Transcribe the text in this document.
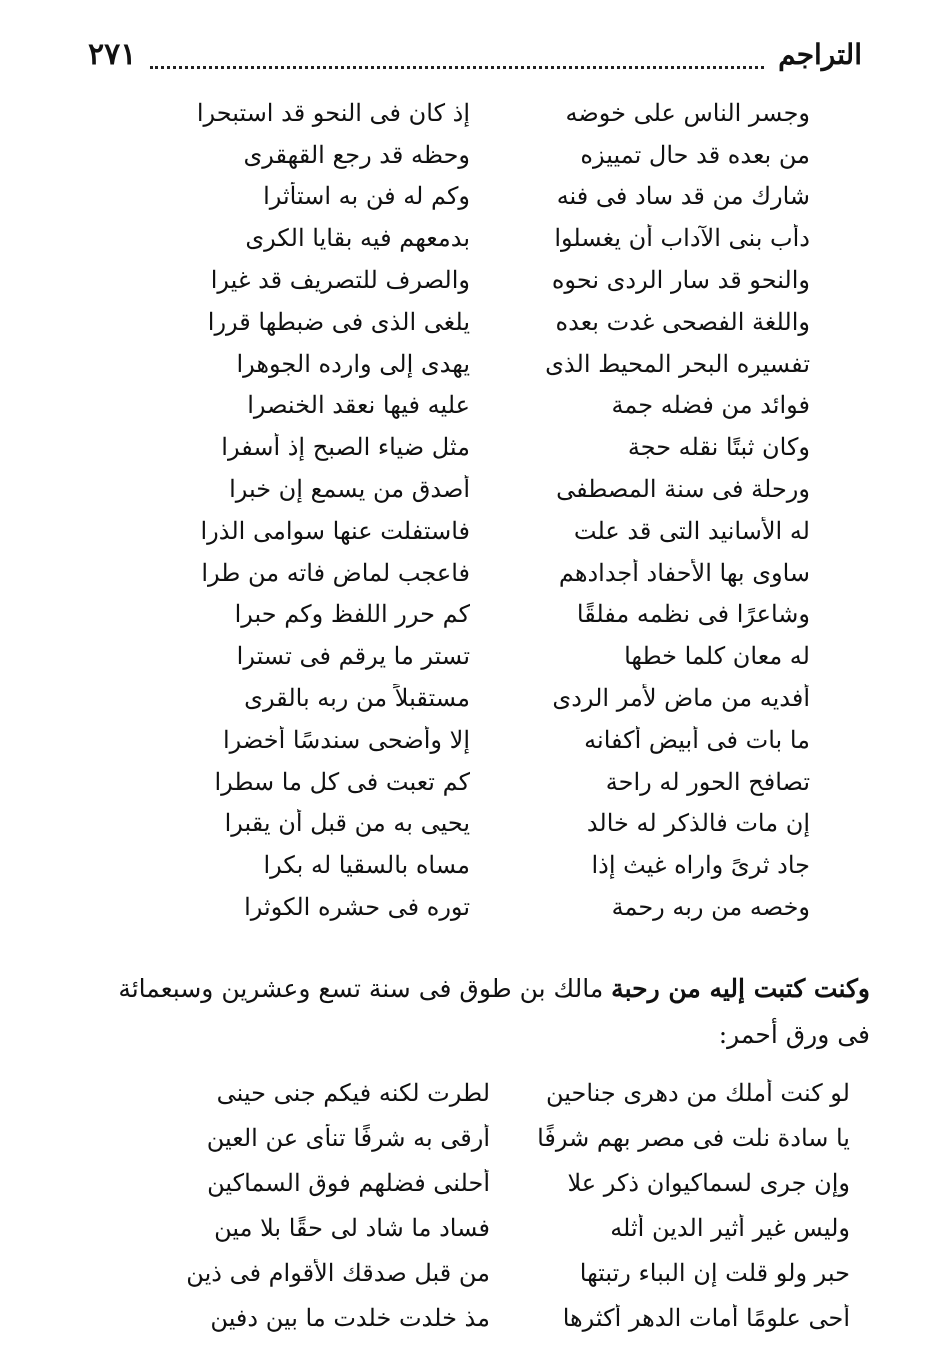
التراجم
٢٧١
وجسر الناس على خوضه
إذ كان فى النحو قد استبحرا
من بعده قد حال تمييزه
وحظه قد رجع القهقرى
شارك من قد ساد فى فنه
وكم له فن به استأثرا
دأب بنى الآداب أن يغسلوا
بدمعهم فيه بقايا الكرى
والنحو قد سار الردى نحوه
والصرف للتصريف قد غيرا
واللغة الفصحى غدت بعده
يلغى الذى فى ضبطها قررا
تفسيره البحر المحيط الذى
يهدى إلى وارده الجوهرا
فوائد من فضله جمة
عليه فيها نعقد الخنصرا
وكان ثبتًا نقله حجة
مثل ضياء الصبح إذ أسفرا
ورحلة فى سنة المصطفى
أصدق من يسمع إن خبرا
له الأسانيد التى قد علت
فاستفلت عنها سوامى الذرا
ساوى بها الأحفاد أجدادهم
فاعجب لماض فاته من طرا
وشاعرًا فى نظمه مفلقًا
كم حرر اللفظ وكم حبرا
له معان كلما خطها
تستر ما يرقم فى تسترا
أفديه من ماض لأمر الردى
مستقبلاً من ربه بالقرى
ما بات فى أبيض أكفانه
إلا وأضحى سندسًا أخضرا
تصافح الحور له راحة
كم تعبت فى كل ما سطرا
إن مات فالذكر له خالد
يحيى به من قبل أن يقبرا
جاد ثرىً واراه غيث إذا
مساه بالسقيا له بكرا
وخصه من ربه رحمة
توره فى حشره الكوثرا
وكنت كتبت إليه من رحبة مالك بن طوق فى سنة تسع وعشرين وسبعمائة فى ورق أحمر:
لو كنت أملك من دهرى جناحين
لطرت لكنه فيكم جنى حينى
يا سادة نلت فى مصر بهم شرفًا
أرقى به شرفًا تنأى عن العين
وإن جرى لسماكيوان ذكر علا
أحلنى فضلهم فوق السماكين
وليس غير أثير الدين أثله
فساد ما شاد لى حقًا بلا مين
حبر ولو قلت إن البباء رتبتها
من قبل صدقك الأقوام فى ذين
أحى علومًا أمات الدهر أكثرها
مذ خلدت خلدت ما بين دفين
